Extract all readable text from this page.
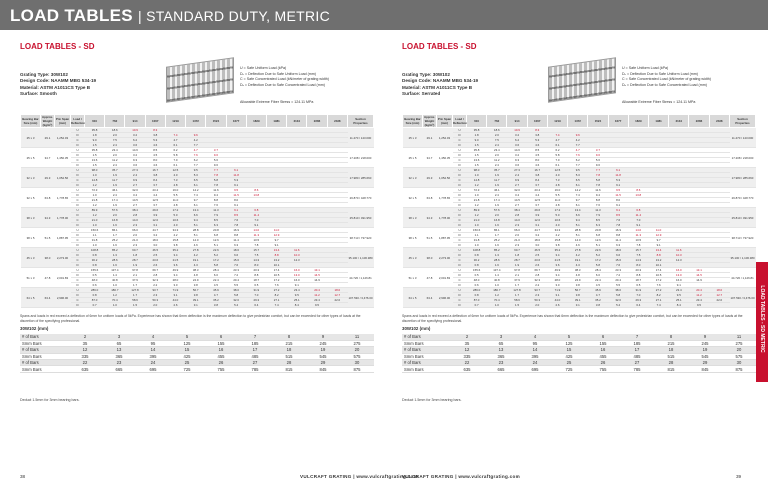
LOAD TABLES | STANDARD DUTY, METRIC
LOAD TABLES - SD
Grating Type: 30W102
Design Code: NAAMM MBG 534-19
Material: ASTM A1011CS Type B
Surface: Smooth
U = Safe Uniform Load (kPa)
Dᵤ = Deflection Due to Safe Uniform Load (mm)
C = Safe Concentrated Load (kN/meter of grating width)
Dₑ = Deflection Due to Safe Concentrated Load (mm)
Allowable Extreme Fiber Stress = 124.11 MPa
Bearing Bar Size (mm)	Approx. Weight (kg/m²)	Pnl. Span (mm)	Load / Deflection	610	762	914	1067	1219	1372	1524	1677	1829	1981	2134	2286	2438	Section Properties
25 x 3	29.1	1,252.03	U	35.8	18.6	10.9	8.3										11.470 / 143.000
			D	1.8	2.0	3.2	3.8	7.4	9.6								
			C	9.0	7.5	6.2	5.3	4.7	4.2								
			D	1.5	2.4	3.6	4.6	6.1	7.7								
25 x 5	34.7	1,450.35	U	35.8	23.4	14.6	8.5	6.2	4.7	3.7							17.208 / 218.000
			D	1.5	2.0	3.2	4.5	5.8	7.6	9.6							
			C	13.6	11.2	9.3	8.0	7.0	6.2	5.6							
			D	1.5	2.4	3.6	4.6	6.1	7.7	9.6							
32 x 3	29.3	1,052.56	U	98.0	35.7	27.3	16.7	12.5	9.5	7.7	6.1						17.980 / 285.660
			D	1.0	1.9	2.4	3.8	4.0	5.3	7.8	11.8						
			C	14.8	11.7	9.9	8.4	7.3	6.5	5.8	5.3						
			D	1.2	1.9	2.7	3.7	4.8	6.1	7.8	9.1						
32 x 5	63.8	1,778.65	U	72.3	46.1	32.0	23.4	16.0	14.2	11.6	9.5	8.6					26.870 / 428.770
			D	1.0	2.4	3.4	4.4	5.5	7.4	9.4	11.5	13.8					
			C	21.8	17.4	14.5	12.5	11.0	9.7	8.8	8.0						
			D	1.2	1.9	2.7	3.7	4.8	6.1	7.6	9.1						
38 x 3	34.3	1,778.00	U	89.9	57.6	38.4	29.6	17.2	13.4	11.3	9.1	6.8					25.810 / 491.950
			D	1.2	2.0	2.8	3.9	5.0	6.6	7.9	8.5	11.4					
			C	21.0	16.8	14.0	12.0	10.6	9.4	8.5	7.6	7.0					
			D	1.0	1.6	2.3	3.1	4.0	5.1	6.3	7.8	9.1					
38 x 5	51.5	1,887.95	U	150.6	86.1	66.0	44.7	34.3	28.8	20.8	16.9	14.0	11.0				38.713 / 737.920
			D	1.1	1.7	2.0	3.2	4.2	5.1	6.8	8.8	11.3	12.9				
			C	31.8	25.2	21.0	18.0	15.8	14.0	12.6	11.4	10.5	9.7				
			D	1.0	1.6	2.3	3.0	3.8	4.6	5.1	6.3	7.8	9.1				
45 x 3	38.0	2,273.00	U	108.8	85.2	60.7	46.5	35.2	27.8	22.6	18.6	15.7	13.4	11.6			35.100 / 1,106.380
			D	0.8	1.3	1.8	2.5	3.4	4.2	5.2	6.6	7.5	8.8	10.3			
			C	30.2	28.6	28.7	23.6	21.5	19.1	17.2	15.6	14.3	13.2	12.3			
			D	0.8	1.6	1.9	2.6	3.6	4.3	5.8	7.6	8.0	10.1				
51 x 3	47.8	2,001.83	U	155.6	137.4	97.8	69.7	49.9	38.3	28.4	23.3	20.3	17.4	16.0	13.1		44.720 / 1,126.81
			D	0.5	1.4	2.1	2.8	3.4	4.8	6.0	7.2	8.8	10.5	13.0	14.5		
			C	48.0	40.8	37.9	32.3	28.0	24.9	22.4	20.4	18.7	17.2	16.0	14.9		
			D	0.6	1.0	1.7	2.2	3.0	3.8	4.5	5.5	6.5	7.6	9.1			
64 x 5	63.4	2,996.00	U	286.0	180.7	127.8	93.7	71.9	56.7	45.9	38.0	31.9	27.2	23.4	20.4	18.0	107.530 / 3,476.00
			D	0.8	1.2	1.7	2.3	3.1	3.8	4.7	5.8	7.0	8.2	9.5	11.2	12.7	
			C	87.0	70.4	58.6	50.3	44.0	39.1	35.2	32.0	29.3	27.1	25.1	23.4	22.0	
			D	0.7	1.0	1.5	2.0	2.6	3.1	3.8	5.4	6.4	7.4	8.4	9.5		
Spans and loads in red exceed a deflection of 6mm for uniform loads of 5kPa. Experience has shown that 6mm deflection is the maximum deflection to give pedestrian comfort, but can be exceeded for other types of loads at the discretion of the specifying professional.
30W102 (mm)
# of Bars	2	3	4	5	6	7	8	9	11
Smm Bars	35	65	95	125	155	185	215	245	275
# of Bars	12	13	14	15	16	17	18	19	20
Smm Bars	335	365	395	425	455	485	515	545	575
# of Bars	22	23	24	25	26	27	28	29	30
Smm Bars	635	665	695	725	755	785	815	845	875
Deduct 1.5mm for 3mm bearing bars.
LOAD TABLES - SD
Grating Type: 30W102
Design Code: NAAMM MBG 534-19
Material: ASTM A1011CS Type B
Surface: Serrated
U = Safe Uniform Load (kPa)
Dᵤ = Deflection Due to Safe Uniform Load (mm)
C = Safe Concentrated Load (kN/meter of grating width)
Dₑ = Deflection Due to Safe Concentrated Load (mm)
Allowable Extreme Fiber Stress = 124.11 MPa
Bearing Bar Size (mm)	Approx. Weight (kg/m²)	Pnl. Span (mm)	Load / Deflection	610	762	914	1067	1219	1372	1524	1677	1829	1981	2134	2286	2438	Section Properties
25 x 3	29.1	1,252.03	U	35.8	18.6	10.9	8.3										11.470 / 143.000
			D	1.8	2.0	3.2	3.8	7.4	9.6								
			C	9.0	7.5	6.2	5.3	4.7	4.2								
			D	1.5	2.4	3.6	4.6	6.1	7.7								
25 x 5	34.7	1,450.35	U	35.8	23.4	14.6	8.5	6.2	4.7	3.7							17.208 / 218.000
			D	1.5	2.0	3.2	4.5	5.8	7.6	9.6							
			C	13.6	11.2	9.3	8.0	7.0	6.2	5.6							
			D	1.5	2.4	3.6	4.6	6.1	7.7	9.6							
32 x 3	29.3	1,052.56	U	98.0	35.7	27.3	16.7	12.5	9.5	7.7	6.1						17.980 / 285.660
			D	1.0	1.9	2.4	3.8	4.0	5.3	7.8	11.8						
			C	14.8	11.7	9.9	8.4	7.3	6.5	5.8	5.3						
			D	1.2	1.9	2.7	3.7	4.8	6.1	7.8	9.1						
32 x 5	63.8	1,778.65	U	72.3	46.1	32.0	23.4	16.0	14.2	11.6	9.5	8.6					26.870 / 428.770
			D	1.0	2.4	3.4	4.4	5.5	7.4	9.4	11.5	13.8					
			C	21.8	17.4	14.5	12.5	11.0	9.7	8.8	8.0						
			D	1.2	1.9	2.7	3.7	4.8	6.1	7.6	9.1						
38 x 3	34.3	1,778.00	U	89.9	57.6	38.4	29.6	17.2	13.4	11.3	9.1	6.8					25.810 / 491.950
			D	1.2	2.0	2.8	3.9	5.0	6.6	7.9	8.5	11.4					
			C	21.0	16.8	14.0	12.0	10.6	9.4	8.5	7.6	7.0					
			D	1.0	1.6	2.3	3.1	4.0	5.1	6.3	7.8	9.1					
38 x 5	51.5	1,887.95	U	150.6	86.1	66.0	44.7	34.3	28.8	20.8	16.9	14.0	11.0				38.713 / 737.920
			D	1.1	1.7	2.0	3.2	4.2	5.1	6.8	8.8	11.3	12.9				
			C	31.8	25.2	21.0	18.0	15.8	14.0	12.6	11.4	10.5	9.7				
			D	1.0	1.6	2.3	3.0	3.8	4.6	5.1	6.3	7.8	9.1				
45 x 3	38.0	2,273.00	U	108.8	85.2	60.7	46.5	35.2	27.8	22.6	18.6	15.7	13.4	11.6			35.100 / 1,106.380
			D	0.8	1.3	1.8	2.5	3.4	4.2	5.2	6.6	7.5	8.8	10.3			
			C	30.2	28.6	28.7	23.6	21.5	19.1	17.2	15.6	14.3	13.2	12.3			
			D	0.8	1.6	1.9	2.6	3.6	4.3	5.8	7.6	8.0	10.1				
51 x 3	47.8	2,001.83	U	155.6	137.4	97.8	69.7	49.9	38.3	28.4	23.3	20.3	17.4	16.0	13.1		44.720 / 1,126.81
			D	0.5	1.4	2.1	2.8	3.4	4.8	6.0	7.2	8.8	10.5	13.0	14.5		
			C	48.0	40.8	37.9	32.3	28.0	24.9	22.4	20.4	18.7	17.2	16.0	14.9		
			D	0.6	1.0	1.7	2.2	3.0	3.8	4.5	5.5	6.5	7.6	9.1			
64 x 5	63.4	2,996.00	U	286.0	180.7	127.8	93.7	71.9	56.7	45.9	38.0	31.9	27.2	23.4	20.4	18.0	107.530 / 3,476.00
			D	0.8	1.2	1.7	2.3	3.1	3.8	4.7	5.8	7.0	8.2	9.5	11.2	12.7	
			C	87.0	70.4	58.6	50.3	44.0	39.1	35.2	32.0	29.3	27.1	25.1	23.4	22.0	
			D	0.7	1.0	1.5	2.0	2.6	3.1	3.8	5.4	6.4	7.4	8.4	9.5		
Spans and loads in red exceed a deflection of 6mm for uniform loads of 5kPa. Experience has shown that 6mm deflection is the maximum deflection to give pedestrian comfort, but can be exceeded for other types of loads at the discretion of the specifying professional.
30W102 (mm)
# of Bars	2	3	4	5	6	7	8	9	11
Smm Bars	35	65	95	125	155	185	215	245	275
# of Bars	12	13	14	15	16	17	18	19	20
Smm Bars	335	365	395	425	455	485	515	545	575
# of Bars	22	23	24	25	26	27	28	29	30
Smm Bars	635	665	695	725	755	785	815	845	875
Deduct 1.5mm for 3mm bearing bars.
38	VULCRAFT GRATING | www.vulcraftgrating.com
VULCRAFT GRATING | www.vulcraftgrating.com	39
LOAD TABLES - SD METRIC
